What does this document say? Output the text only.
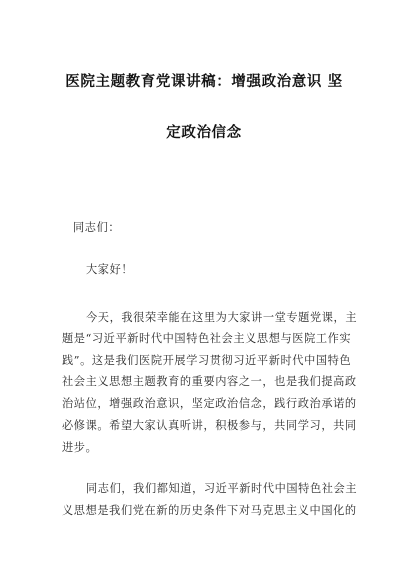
医院主题教育党课讲稿：增强政治意识 坚
定政治信念
同志们：
大家好！
今天，我很荣幸能在这里为大家讲一堂专题党课，主
题是“习近平新时代中国特色社会主义思想与医院工作实
践”。这是我们医院开展学习贯彻习近平新时代中国特色
社会主义思想主题教育的重要内容之一，也是我们提高政
治站位，增强政治意识，坚定政治信念，践行政治承诺的
必修课。希望大家认真听讲，积极参与，共同学习，共同
进步。
同志们，我们都知道，习近平新时代中国特色社会主
义思想是我们党在新的历史条件下对马克思主义中国化的
